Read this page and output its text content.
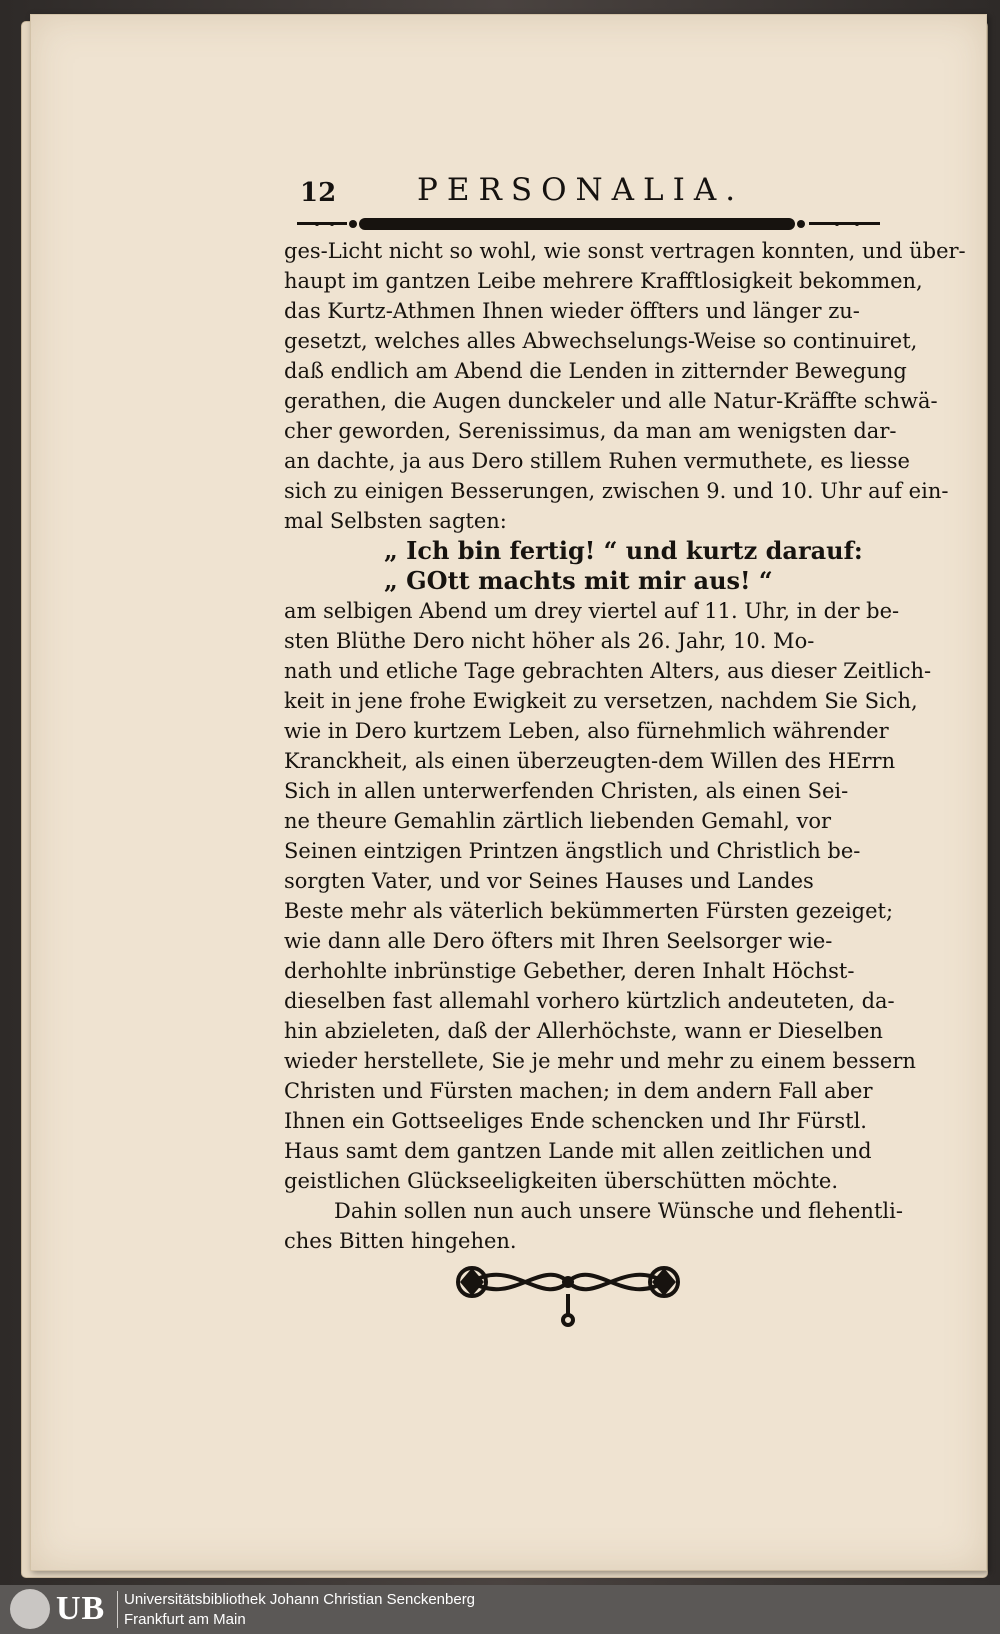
12	PERSONALIA.
ges-Licht nicht so wohl, wie sonst vertragen konnten, und über-
haupt im gantzen Leibe mehrere Krafftlosigkeit bekommen,
das Kurtz-Athmen Ihnen wieder öffters und länger zu-
gesetzt, welches alles Abwechselungs-Weise so continuiret,
daß endlich am Abend die Lenden in zitternder Bewegung
gerathen, die Augen dunckeler und alle Natur-Kräffte schwä-
cher geworden, Serenissimus, da man am wenigsten dar-
an dachte, ja aus Dero stillem Ruhen vermuthete, es liesse
sich zu einigen Besserungen, zwischen 9. und 10. Uhr auf ein-
mal Selbsten sagten:
„ Ich bin fertig! “ und kurtz darauf:
„ GOtt machts mit mir aus! “
am selbigen Abend um drey viertel auf 11. Uhr, in der be-
sten Blüthe Dero nicht höher als 26. Jahr, 10. Mo-
nath und etliche Tage gebrachten Alters, aus dieser Zeitlich-
keit in jene frohe Ewigkeit zu versetzen, nachdem Sie Sich,
wie in Dero kurtzem Leben, also fürnehmlich währender
Kranckheit, als einen überzeugten-dem Willen des HErrn
Sich in allen unterwerfenden Christen, als einen Sei-
ne theure Gemahlin zärtlich liebenden Gemahl, vor
Seinen eintzigen Printzen ängstlich und Christlich be-
sorgten Vater, und vor Seines Hauses und Landes
Beste mehr als väterlich bekümmerten Fürsten gezeiget;
wie dann alle Dero öfters mit Ihren Seelsorger wie-
derhohlte inbrünstige Gebether, deren Inhalt Höchst-
dieselben fast allemahl vorhero kürtzlich andeuteten, da-
hin abzieleten, daß der Allerhöchste, wann er Dieselben
wieder herstellete, Sie je mehr und mehr zu einem bessern
Christen und Fürsten machen; in dem andern Fall aber
Ihnen ein Gottseeliges Ende schencken und Ihr Fürstl.
Haus samt dem gantzen Lande mit allen zeitlichen und
geistlichen Glückseeligkeiten überschütten möchte.
Dahin sollen nun auch unsere Wünsche und flehentli-
ches Bitten hingehen.
UB Universitätsbibliothek Johann Christian Senckenberg
Frankfurt am Main
